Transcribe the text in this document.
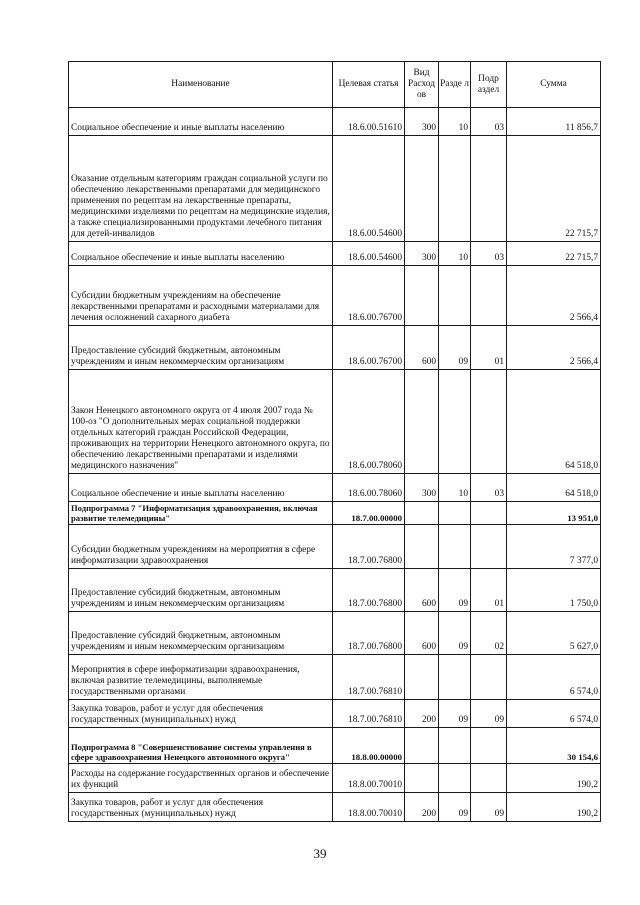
Наименование	Целевая статья	Вид Расход ов	Разде л	Подр аздел	Сумма
Социальное обеспечение и иные выплаты населению	18.6.00.51610	300	10	03	11 856,7
Оказание отдельным категориям граждан социальной услуги по обеспечению лекарственными препаратами для медицинского применения по рецептам на лекарственные препараты, медицинскими изделиями по рецептам на медицинские изделия, а также специализированными продуктами лечебного питания для детей-инвалидов	18.6.00.54600				22 715,7
Социальное обеспечение и иные выплаты населению	18.6.00.54600	300	10	03	22 715,7
Субсидии бюджетным учреждениям на обеспечение лекарственными препаратами и расходными материалами для лечения осложнений сахарного диабета	18.6.00.76700				2 566,4
Предоставление субсидий бюджетным, автономным учреждениям и иным некоммерческим организациям	18.6.00.76700	600	09	01	2 566,4
Закон Ненецкого автономного округа от 4 июля 2007 года № 100-оз "О дополнительных мерах социальной поддержки отдельных категорий граждан Российской Федерации, проживающих на территории Ненецкого автономного округа, по обеспечению лекарственными препаратами и изделиями медицинского назначения"	18.6.00.78060				64 518,0
Социальное обеспечение и иные выплаты населению	18.6.00.78060	300	10	03	64 518,0
Подпрограмма 7 "Информатизация здравоохранения, включая развитие телемедицины"	18.7.00.00000				13 951,0
Субсидии бюджетным учреждениям на мероприятия в сфере информатизации здравоохранения	18.7.00.76800				7 377,0
Предоставление субсидий бюджетным, автономным учреждениям и иным некоммерческим организациям	18.7.00.76800	600	09	01	1 750,0
Предоставление субсидий бюджетным, автономным учреждениям и иным некоммерческим организациям	18.7.00.76800	600	09	02	5 627,0
Мероприятия в сфере информатизации здравоохранения, включая развитие телемедицины, выполняемые государственными органами	18.7.00.76810				6 574,0
Закупка товаров, работ и услуг для обеспечения государственных (муниципальных) нужд	18.7.00.76810	200	09	09	6 574,0
Подпрограмма 8 "Совершенствование системы управления в сфере здравоохранения Ненецкого автономного округа"	18.8.00.00000				30 154,6
Расходы на содержание государственных органов и обеспечение их функций	18.8.00.70010				190,2
Закупка товаров, работ и услуг для обеспечения государственных (муниципальных) нужд	18.8.00.70010	200	09	09	190,2
39
